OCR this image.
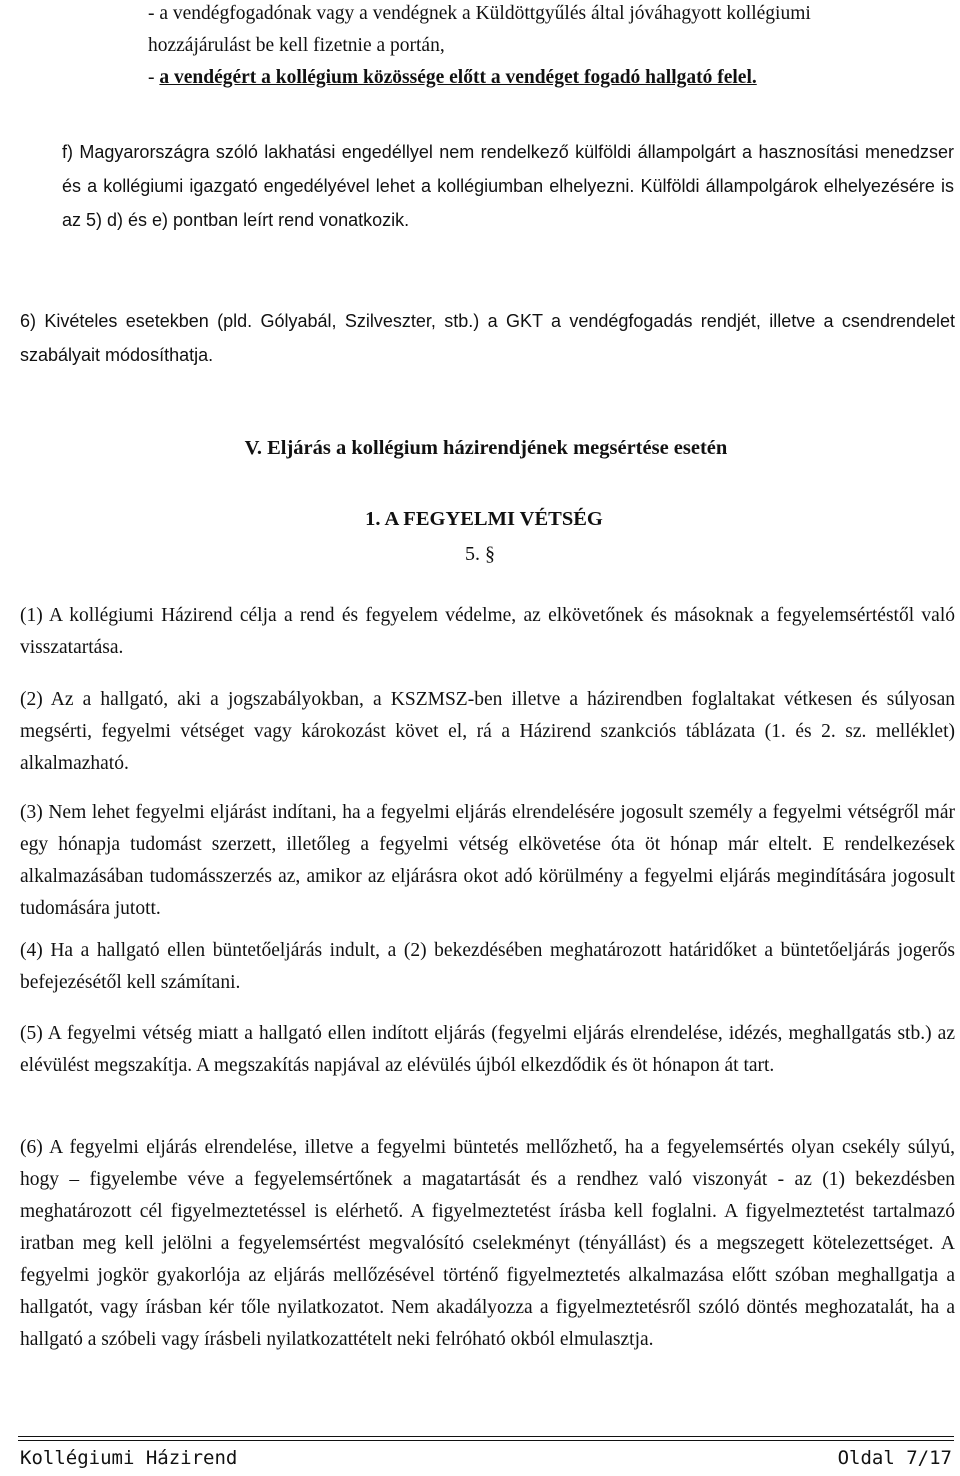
- a vendégfogadónak vagy a vendégnek a Küldöttgyűlés által jóváhagyott kollégiumi

hozzájárulást be kell fizetnie a portán,

- a vendégért a kollégium közössége előtt a vendéget fogadó hallgató felel.

f) Magyarországra szóló lakhatási engedéllyel nem rendelkező külföldi állampolgárt a hasznosítási menedzser és a kollégiumi igazgató engedélyével lehet a kollégiumban elhelyezni. Külföldi állampolgárok elhelyezésére is az 5) d) és e) pontban leírt rend vonatkozik.

6) Kivételes esetekben (pld. Gólyabál, Szilveszter, stb.) a GKT a vendégfogadás rendjét, illetve a csendrendelet szabályait módosíthatja.

V. Eljárás a kollégium házirendjének megsértése esetén
1. A FEGYELMI VÉTSÉG

5. §

(1) A kollégiumi Házirend célja a rend és fegyelem védelme, az elkövetőnek és másoknak a fegyelemsértéstől való visszatartása.

(2) Az a hallgató, aki a jogszabályokban, a KSZMSZ-ben illetve a házirendben foglaltakat vétkesen és súlyosan megsérti, fegyelmi vétséget vagy károkozást követ el, rá a Házirend szankciós táblázata (1. és 2. sz. melléklet) alkalmazható.

(3) Nem lehet fegyelmi eljárást indítani, ha a fegyelmi eljárás elrendelésére jogosult személy a fegyelmi vétségről már egy hónapja tudomást szerzett, illetőleg a fegyelmi vétség elkövetése óta öt hónap már eltelt. E rendelkezések alkalmazásában tudomásszerzés az, amikor az eljárásra okot adó körülmény a fegyelmi eljárás megindítására jogosult tudomására jutott.

(4) Ha a hallgató ellen büntetőeljárás indult, a (2) bekezdésében meghatározott határidőket a büntetőeljárás jogerős befejezésétől kell számítani.

(5) A fegyelmi vétség miatt a hallgató ellen indított eljárás (fegyelmi eljárás elrendelése, idézés, meghallgatás stb.) az elévülést megszakítja. A megszakítás napjával az elévülés újból elkezdődik és öt hónapon át tart.

(6) A fegyelmi eljárás elrendelése, illetve a fegyelmi büntetés mellőzhető, ha a fegyelemsértés olyan csekély súlyú, hogy – figyelembe véve a fegyelemsértőnek a magatartását és a rendhez való viszonyát - az (1) bekezdésben meghatározott cél figyelmeztetéssel is elérhető. A figyelmeztetést írásba kell foglalni. A figyelmeztetést tartalmazó iratban meg kell jelölni a fegyelemsértést megvalósító cselekményt (tényállást) és a megszegett kötelezettséget. A fegyelmi jogkör gyakorlója az eljárás mellőzésével történő figyelmeztetés alkalmazása előtt szóban meghallgatja a hallgatót, vagy írásban kér tőle nyilatkozatot. Nem akadályozza a figyelmeztetésről szóló döntés meghozatalát, ha a hallgató a szóbeli vagy írásbeli nyilatkozattételt neki felróható okból elmulasztja.

Kollégiumi Házirend	Oldal 7/17
